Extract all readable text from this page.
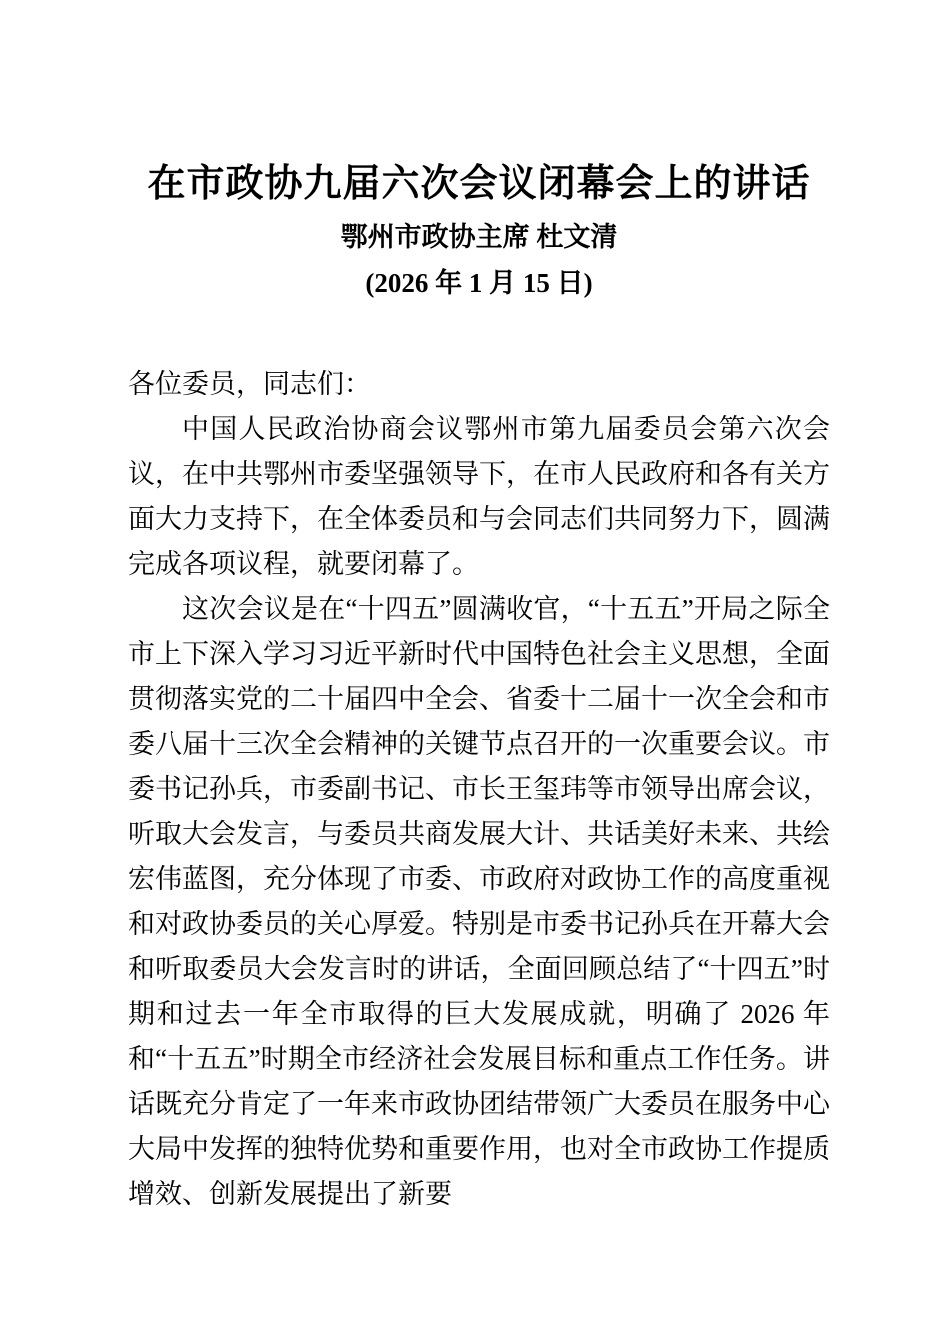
在市政协九届六次会议闭幕会上的讲话
鄂州市政协主席 杜文清
(2026 年 1 月 15 日)

各位委员，同志们：

中国人民政治协商会议鄂州市第九届委员会第六次会议，在中共鄂州市委坚强领导下，在市人民政府和各有关方面大力支持下，在全体委员和与会同志们共同努力下，圆满完成各项议程，就要闭幕了。

这次会议是在“十四五”圆满收官，“十五五”开局之际全市上下深入学习习近平新时代中国特色社会主义思想，全面贯彻落实党的二十届四中全会、省委十二届十一次全会和市委八届十三次全会精神的关键节点召开的一次重要会议。市委书记孙兵，市委副书记、市长王玺玮等市领导出席会议，听取大会发言，与委员共商发展大计、共话美好未来、共绘宏伟蓝图，充分体现了市委、市政府对政协工作的高度重视和对政协委员的关心厚爱。特别是市委书记孙兵在开幕大会和听取委员大会发言时的讲话，全面回顾总结了“十四五”时期和过去一年全市取得的巨大发展成就，明确了 2026 年和“十五五”时期全市经济社会发展目标和重点工作任务。讲话既充分肯定了一年来市政协团结带领广大委员在服务中心大局中发挥的独特优势和重要作用，也对全市政协工作提质增效、创新发展提出了新要
